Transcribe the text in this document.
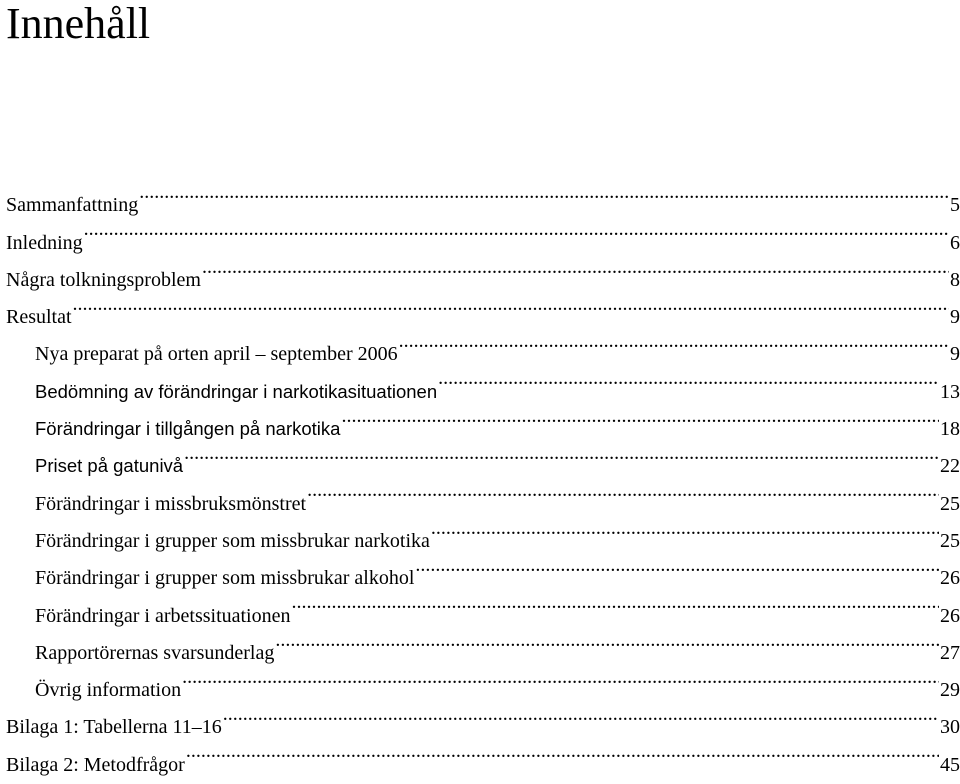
Innehåll
Sammanfattning .....	5
Inledning .....	6
Några tolkningsproblem .....	8
Resultat .....	9
Nya preparat på orten april – september 2006 .....	9
Bedömning av förändringar i narkotikasituationen .....	13
Förändringar i tillgången på narkotika .....	18
Priset på gatunivå .....	22
Förändringar i missbruksmönstret .....	25
Förändringar i grupper som missbrukar narkotika .....	25
Förändringar i grupper som missbrukar alkohol .....	26
Förändringar i arbetssituationen .....	26
Rapportörernas svarsunderlag .....	27
Övrig information .....	29
Bilaga 1: Tabellerna 11–16 .....	30
Bilaga 2: Metodfrågor .....	45
